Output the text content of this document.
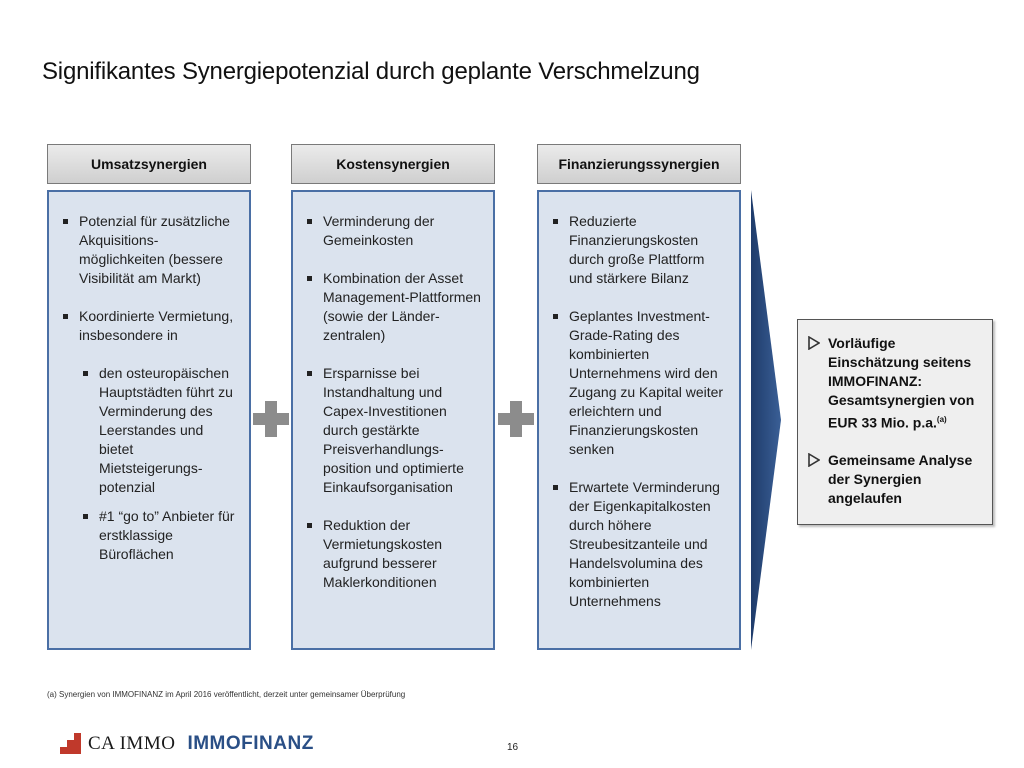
Signifikantes Synergiepotenzial durch geplante Verschmelzung
Umsatzsynergien
Potenzial für zusätzliche Akquisitions-möglichkeiten (bessere Visibilität am Markt)
Koordinierte Vermietung, insbesondere in
den osteuropäischen Hauptstädten führt zu Verminderung des Leerstandes und bietet Mietsteigerungs-potenzial
#1 “go to” Anbieter für erstklassige Büroflächen
Kostensynergien
Verminderung der Gemeinkosten
Kombination der Asset Management-Plattformen (sowie der Länder-zentralen)
Ersparnisse bei Instandhaltung und Capex-Investitionen durch gestärkte Preisverhandlungs-position und optimierte Einkaufsorganisation
Reduktion der Vermietungskosten aufgrund besserer Maklerkonditionen
Finanzierungssynergien
Reduzierte Finanzierungskosten durch große Plattform und stärkere Bilanz
Geplantes Investment-Grade-Rating des kombinierten Unternehmens wird den Zugang zu Kapital weiter erleichtern und Finanzierungskosten senken
Erwartete Verminderung der Eigenkapitalkosten durch höhere Streubesitzanteile und Handelsvolumina des kombinierten Unternehmens
Vorläufige Einschätzung seitens IMMOFINANZ: Gesamtsynergien von EUR 33 Mio. p.a.$^{(a)}$
Gemeinsame Analyse der Synergien angelaufen
(a) Synergien von IMMOFINANZ im April 2016 veröffentlicht, derzeit unter gemeinsamer Überprüfung
CA IMMO IMMOFINANZ	16
